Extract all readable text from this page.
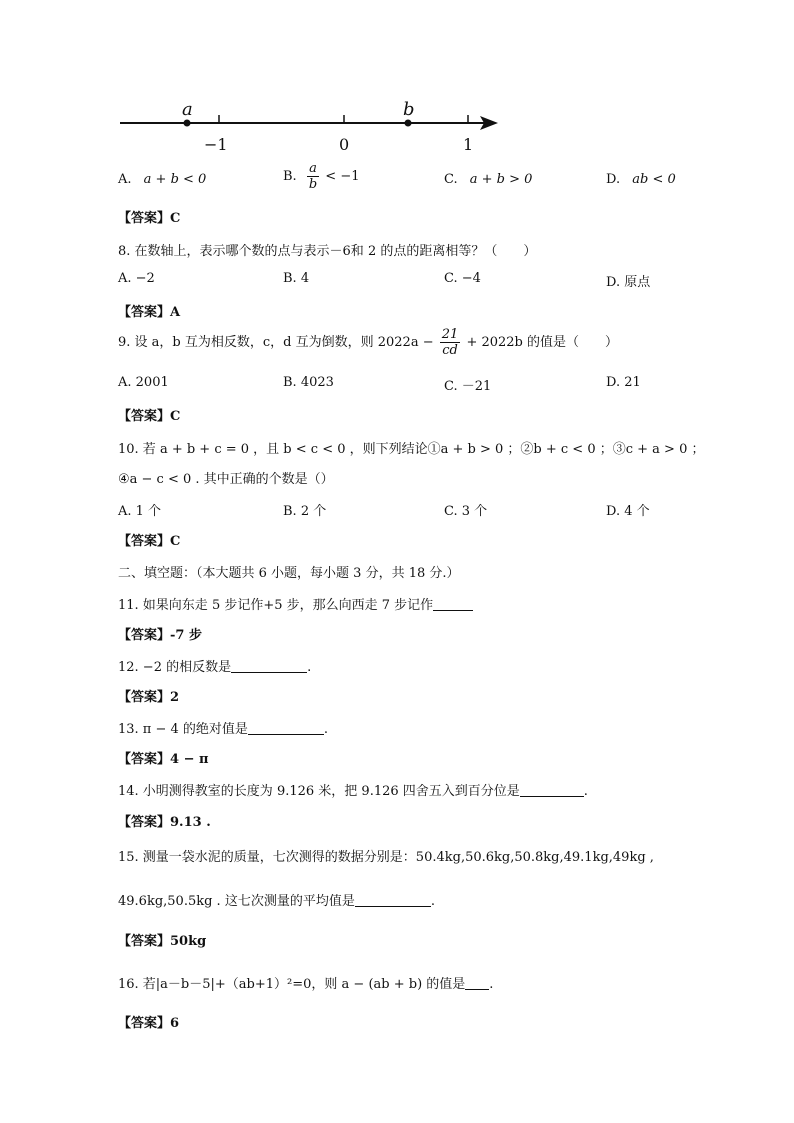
a	b
−1	0	1
A. a + b < 0	B. $\frac{a}{b} < -1$	C. a + b > 0	D. ab < 0
【答案】C
8. 在数轴上，表示哪个数的点与表示－6和 2 的点的距离相等？（　　）
A. −2	B. 4	C. −4	D. 原点
【答案】A
9. 设 a，b 互为相反数，c，d 互为倒数，则 $2022a - \frac{21}{cd} + 2022b$ 的值是（　　）
A. 2001	B. 4023	C. －21	D. 21
【答案】C
10. 若 a + b + c = 0 ，且 b < c < 0 ，则下列结论①a + b > 0 ；②b + c < 0 ；③c + a > 0 ；
④a − c < 0 . 其中正确的个数是（）
A. 1 个	B. 2 个	C. 3 个	D. 4 个
【答案】C
二、填空题：（本大题共 6 小题，每小题 3 分，共 18 分.）
11. 如果向东走 5 步记作+5 步，那么向西走 7 步记作
【答案】-7 步
12. −2 的相反数是	.
【答案】2
13. π − 4 的绝对值是	.
【答案】4 − π
14. 小明测得教室的长度为 9.126 米，把 9.126 四舍五入到百分位是	.
【答案】9.13 .
15. 测量一袋水泥的质量，七次测得的数据分别是：50.4kg,50.6kg,50.8kg,49.1kg,49kg ,
49.6kg,50.5kg . 这七次测量的平均值是	.
【答案】50kg
16. 若|a－b－5|+（ab+1）²=0，则 a − (ab + b) 的值是 .
【答案】6
